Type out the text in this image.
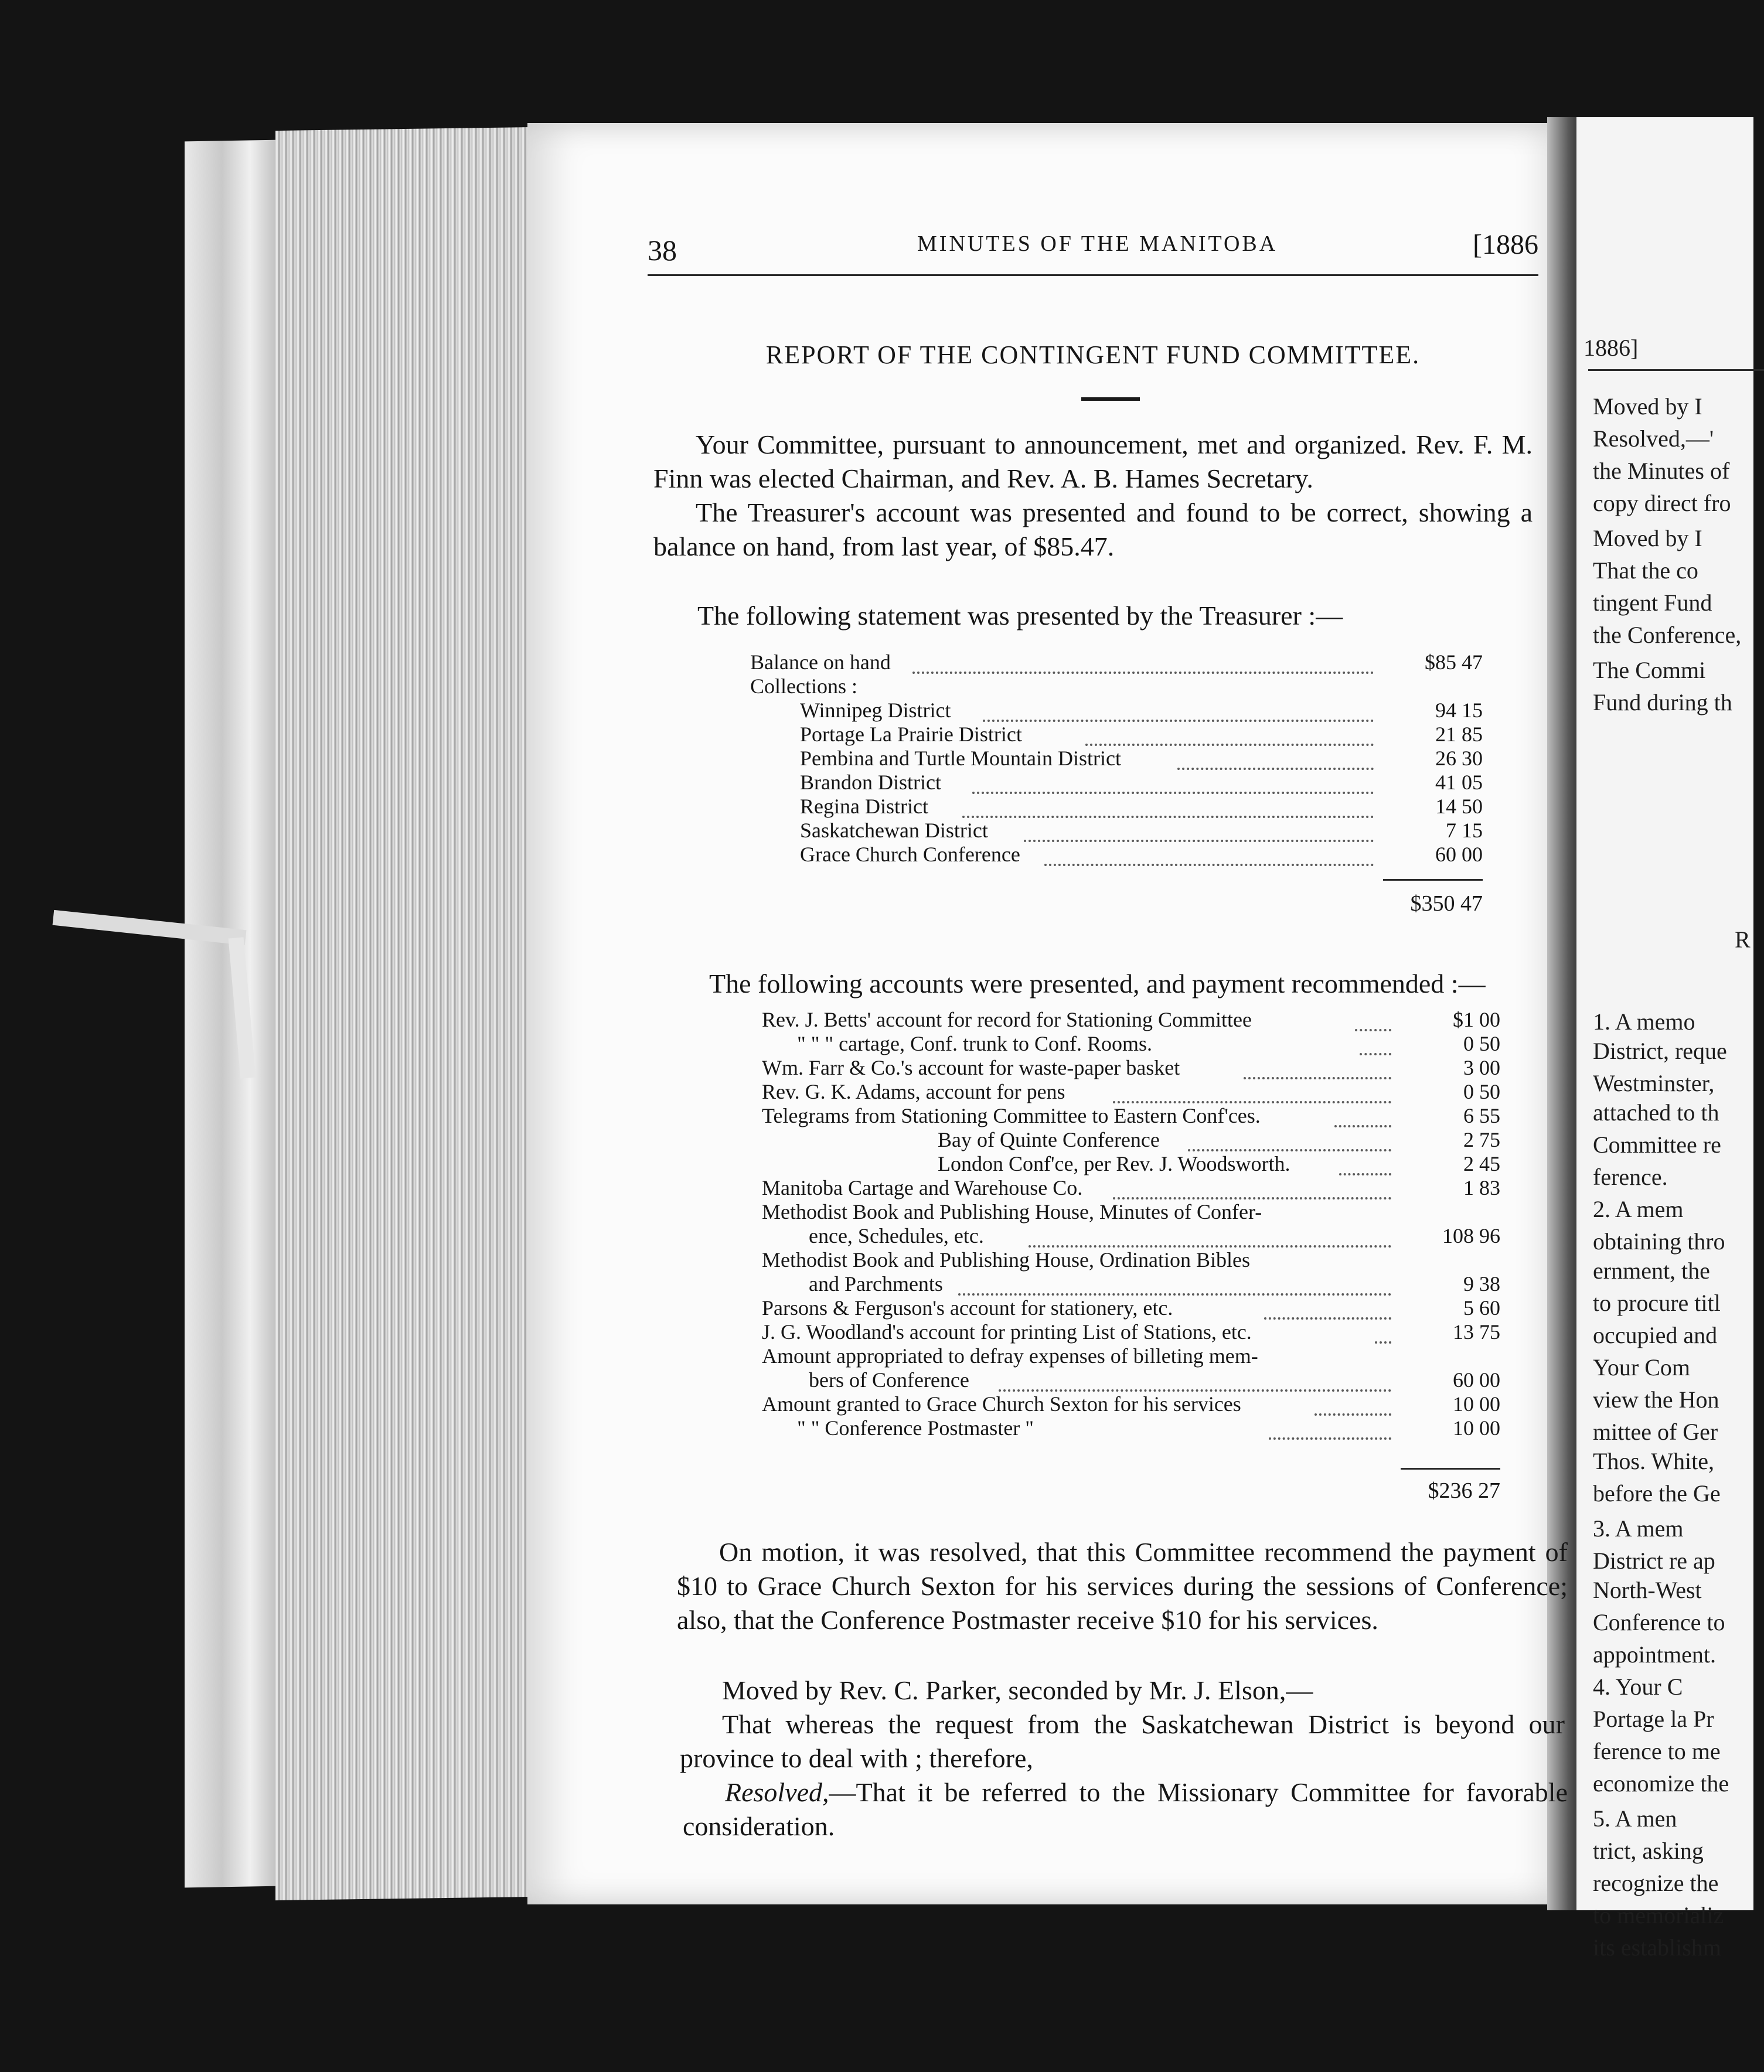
38	MINUTES OF THE MANITOBA	[1886
REPORT OF THE CONTINGENT FUND COMMITTEE.

Your Committee, pursuant to announcement, met and organized. Rev. F. M. Finn was elected Chairman, and Rev. A. B. Hames Secretary.

The Treasurer's account was presented and found to be correct, showing a balance on hand, from last year, of $85.47.

The following statement was presented by the Treasurer :—

Balance on hand	$85 47
Collections :
Winnipeg District	94 15
Portage La Prairie District	21 85
Pembina and Turtle Mountain District	26 30
Brandon District	41 05
Regina District	14 50
Saskatchewan District	7 15
Grace Church Conference	60 00
$350 47

The following accounts were presented, and payment recommended :—

Rev. J. Betts' account for record for Stationing Committee	$1 00
" " " cartage, Conf. trunk to Conf. Rooms.	0 50
Wm. Farr & Co.'s account for waste-paper basket	3 00
Rev. G. K. Adams, account for pens	0 50
Telegrams from Stationing Committee to Eastern Conf'ces.	6 55
Bay of Quinte Conference	2 75
London Conf'ce, per Rev. J. Woodsworth.	2 45
Manitoba Cartage and Warehouse Co.	1 83
Methodist Book and Publishing House, Minutes of Confer-
ence, Schedules, etc.	108 96
Methodist Book and Publishing House, Ordination Bibles
and Parchments	9 38
Parsons & Ferguson's account for stationery, etc.	5 60
J. G. Woodland's account for printing List of Stations, etc.	13 75
Amount appropriated to defray expenses of billeting mem-
bers of Conference	60 00
Amount granted to Grace Church Sexton for his services	10 00
" " Conference Postmaster "	10 00
$236 27

On motion, it was resolved, that this Committee recommend the payment of $10 to Grace Church Sexton for his services during the sessions of Conference; also, that the Conference Postmaster receive $10 for his services.

Moved by Rev. C. Parker, seconded by Mr. J. Elson,—

That whereas the request from the Saskatchewan District is beyond our province to deal with ; therefore,

Resolved,—That it be referred to the Missionary Committee for favorable consideration.

1886]
Moved by I
Resolved,—'
the Minutes of
copy direct fro
Moved by I
That the co
tingent Fund
the Conference,
The Commi
Fund during th
R
1. A memo
District, reque
Westminster,
attached to th
Committee re
ference.
2. A mem
obtaining thro
ernment, the
to procure titl
occupied and
Your Com
view the Hon
mittee of Ger
Thos. White,
before the Ge
3. A mem
District re ap
North-West
Conference to
appointment.
4. Your C
Portage la Pr
ference to me
economize the
5. A men
trict, asking
recognize the
to memorializ
its establishm
